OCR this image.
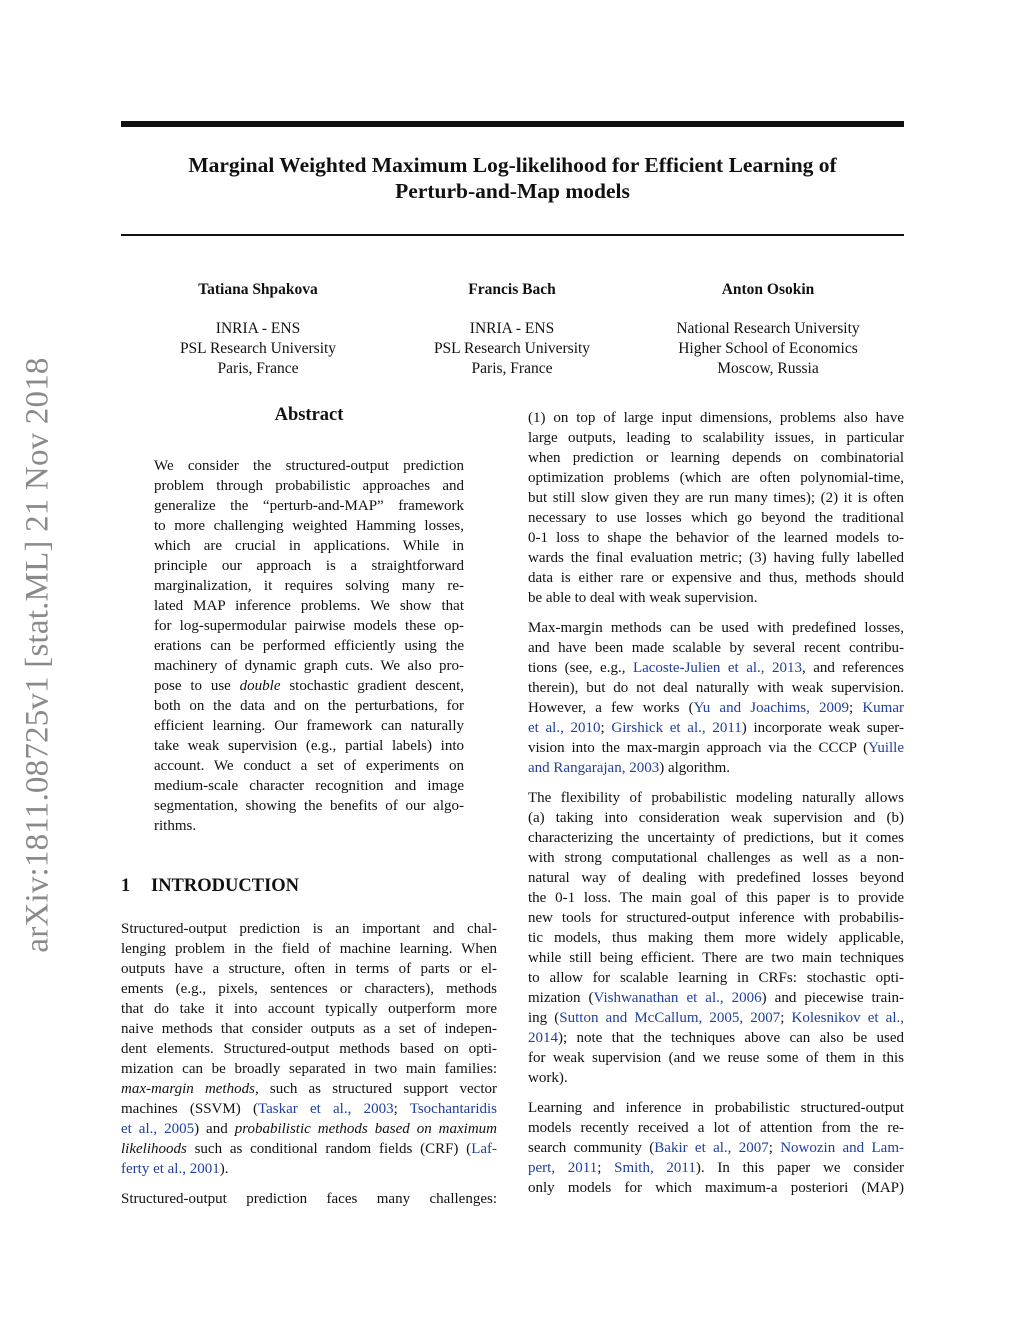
Marginal Weighted Maximum Log-likelihood for Efficient Learning of
Perturb-and-Map models
Tatiana Shpakova
INRIA - ENS
PSL Research University
Paris, France
Francis Bach
INRIA - ENS
PSL Research University
Paris, France
Anton Osokin
National Research University
Higher School of Economics
Moscow, Russia
arXiv:1811.08725v1 [stat.ML] 21 Nov 2018	Abstract
We consider the structured-output prediction
problem through probabilistic approaches and
generalize the “perturb-and-MAP” framework
to more challenging weighted Hamming losses,
which are crucial in applications. While in
principle our approach is a straightforward
marginalization, it requires solving many re-
lated MAP inference problems. We show that
for log-supermodular pairwise models these op-
erations can be performed efficiently using the
machinery of dynamic graph cuts. We also pro-
pose to use double stochastic gradient descent,
both on the data and on the perturbations, for
efficient learning. Our framework can naturally
take weak supervision (e.g., partial labels) into
account. We conduct a set of experiments on
medium-scale character recognition and image
segmentation, showing the benefits of our algo-
rithms.
1 INTRODUCTION

Structured-output prediction is an important and chal-
lenging problem in the field of machine learning. When
outputs have a structure, often in terms of parts or el-
ements (e.g., pixels, sentences or characters), methods
that do take it into account typically outperform more
naive methods that consider outputs as a set of indepen-
dent elements. Structured-output methods based on opti-
mization can be broadly separated in two main families:
max-margin methods, such as structured support vector
machines (SSVM) (Taskar et al., 2003; Tsochantaridis
et al., 2005) and probabilistic methods based on maximum
likelihoods such as conditional random fields (CRF) (Laf-
ferty et al., 2001).

Structured-output prediction faces many challenges:

(1) on top of large input dimensions, problems also have
large outputs, leading to scalability issues, in particular
when prediction or learning depends on combinatorial
optimization problems (which are often polynomial-time,
but still slow given they are run many times); (2) it is often
necessary to use losses which go beyond the traditional
0-1 loss to shape the behavior of the learned models to-
wards the final evaluation metric; (3) having fully labelled
data is either rare or expensive and thus, methods should
be able to deal with weak supervision.

Max-margin methods can be used with predefined losses,
and have been made scalable by several recent contribu-
tions (see, e.g., Lacoste-Julien et al., 2013, and references
therein), but do not deal naturally with weak supervision.
However, a few works (Yu and Joachims, 2009; Kumar
et al., 2010; Girshick et al., 2011) incorporate weak super-
vision into the max-margin approach via the CCCP (Yuille
and Rangarajan, 2003) algorithm.

The flexibility of probabilistic modeling naturally allows
(a) taking into consideration weak supervision and (b)
characterizing the uncertainty of predictions, but it comes
with strong computational challenges as well as a non-
natural way of dealing with predefined losses beyond
the 0-1 loss. The main goal of this paper is to provide
new tools for structured-output inference with probabilis-
tic models, thus making them more widely applicable,
while still being efficient. There are two main techniques
to allow for scalable learning in CRFs: stochastic opti-
mization (Vishwanathan et al., 2006) and piecewise train-
ing (Sutton and McCallum, 2005, 2007; Kolesnikov et al.,
2014); note that the techniques above can also be used
for weak supervision (and we reuse some of them in this
work).

Learning and inference in probabilistic structured-output
models recently received a lot of attention from the re-
search community (Bakir et al., 2007; Nowozin and Lam-
pert, 2011; Smith, 2011). In this paper we consider
only models for which maximum-a posteriori (MAP)
